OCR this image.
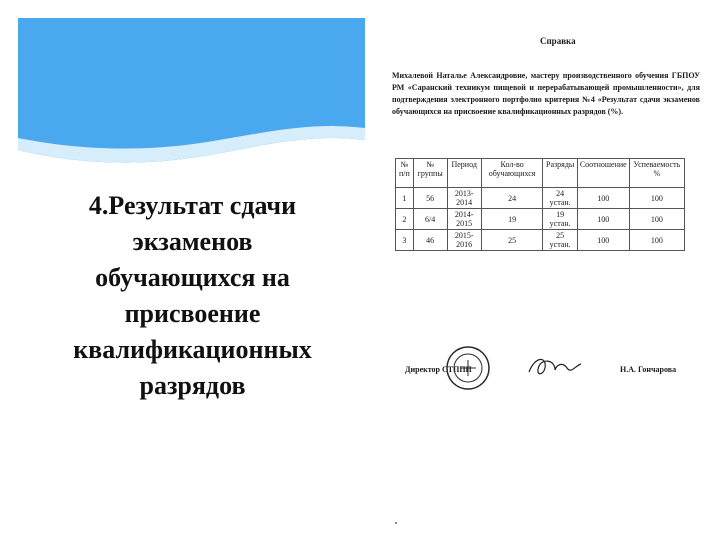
4.Результат сдачи
экзаменов
обучающихся на
присвоение
квалификационных
разрядов
Справка
Михалевой Наталье Александровне, мастеру производственного обучения ГБПОУ РМ «Саранский техникум пищевой и перерабатывающей промышленности», для подтверждения электронного портфолио критерия №4 «Результат сдачи экзаменов обучающихся на присвоение квалификационных разрядов (%).
№ п/п	№ группы	Период	Кол-во обучающихся	Разряды	Соотношение	Успеваемость %
1	56	2013-2014	24	24 устан.	100	100
2	6/4	2014-2015	19	19 устан.	100	100
3	46	2015-2016	25	25 устан.	100	100
Директор СТППП	Н.А. Гончарова
